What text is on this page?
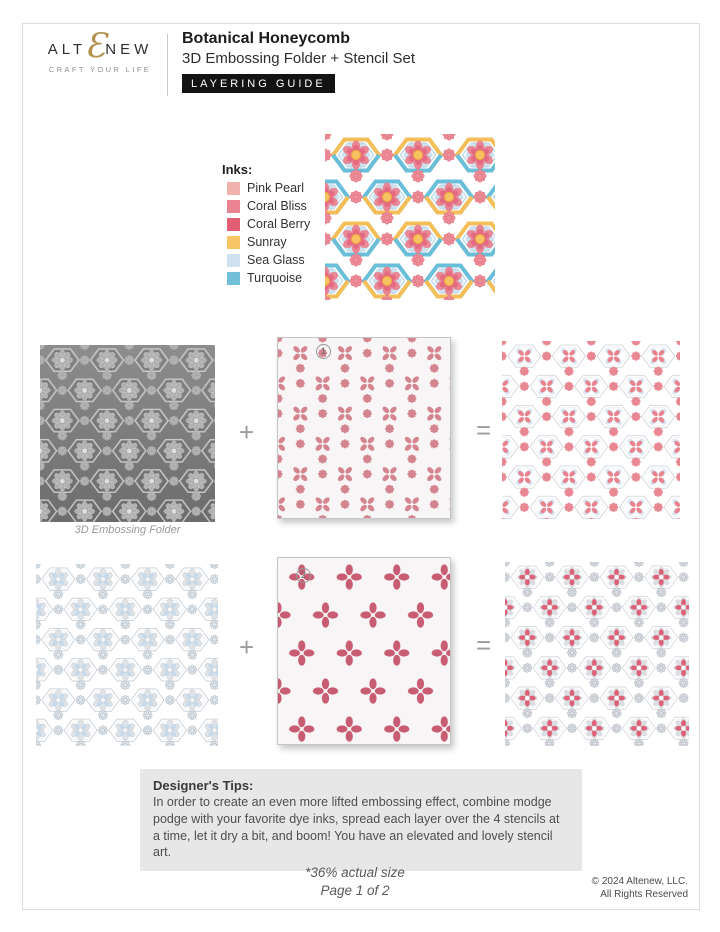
ALT Ɛ NEW
CRAFT YOUR LIFE
Botanical Honeycomb
3D Embossing Folder + Stencil Set
LAYERING GUIDE
Inks:
Pink Pearl
Coral Bliss
Coral Berry
Sunray
Sea Glass
Turquoise
3D Embossing Folder
+
1
=
+
2
=
Designer's Tips:
In order to create an even more lifted embossing effect, combine modge podge with your favorite dye inks, spread each layer over the 4 stencils at a time, let it dry a bit, and boom! You have an elevated and lovely stencil art.
*36% actual size
Page 1 of 2
© 2024 Altenew, LLC.
All Rights Reserved
